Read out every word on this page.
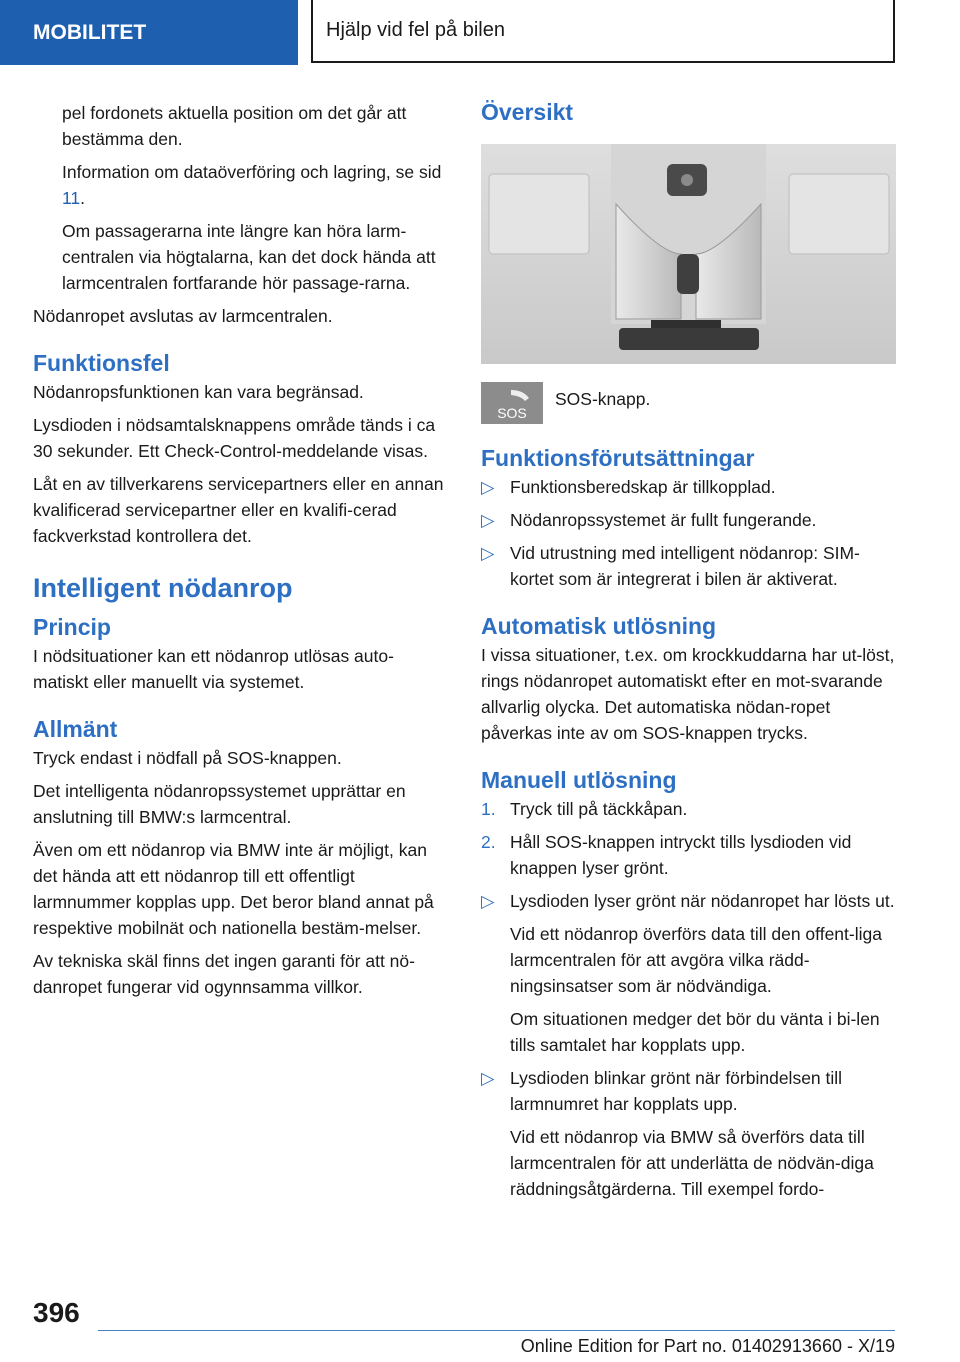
MOBILITET	Hjälp vid fel på bilen

pel fordonets aktuella position om det går att bestämma den.

Information om dataöverföring och lagring, se sid 11.

Om passagerarna inte längre kan höra larm-centralen via högtalarna, kan det dock hända att larmcentralen fortfarande hör passage-rarna.

Nödanropet avslutas av larmcentralen.

Funktionsfel

Nödanropsfunktionen kan vara begränsad.

Lysdioden i nödsamtalsknappens område tänds i ca 30 sekunder. Ett Check-Control-meddelande visas.

Låt en av tillverkarens servicepartners eller en annan kvalificerad servicepartner eller en kvalifi-cerad fackverkstad kontrollera det.

Intelligent nödanrop
Princip

I nödsituationer kan ett nödanrop utlösas auto-matiskt eller manuellt via systemet.

Allmänt

Tryck endast i nödfall på SOS-knappen.

Det intelligenta nödanropssystemet upprättar en anslutning till BMW:s larmcentral.

Även om ett nödanrop via BMW inte är möjligt, kan det hända att ett nödanrop till ett offentligt larmnummer kopplas upp. Det beror bland annat på respektive mobilnät och nationella bestäm-melser.

Av tekniska skäl finns det ingen garanti för att nö-danropet fungerar vid ogynnsamma villkor.

Översikt
SOS

SOS-knapp.

Funktionsförutsättningar
▷ Funktionsberedskap är tillkopplad.
▷ Nödanropssystemet är fullt fungerande.
▷ Vid utrustning med intelligent nödanrop: SIM-kortet som är integrerat i bilen är aktiverat.
Automatisk utlösning

I vissa situationer, t.ex. om krockkuddarna har ut-löst, rings nödanropet automatiskt efter en mot-svarande allvarlig olycka. Det automatiska nödan-ropet påverkas inte av om SOS-knappen trycks.

Manuell utlösning
1. Tryck till på täckkåpan.
2. Håll SOS-knappen intryckt tills lysdioden vid knappen lyser grönt.
▷ Lysdioden lyser grönt när nödanropet har lösts ut.
Vid ett nödanrop överförs data till den offent-liga larmcentralen för att avgöra vilka rädd-ningsinsatser som är nödvändiga.
Om situationen medger det bör du vänta i bi-len tills samtalet har kopplats upp.
▷ Lysdioden blinkar grönt när förbindelsen till larmnumret har kopplats upp.
Vid ett nödanrop via BMW så överförs data till larmcentralen för att underlätta de nödvän-diga räddningsåtgärderna. Till exempel fordo-
396
Online Edition for Part no. 01402913660 - X/19
